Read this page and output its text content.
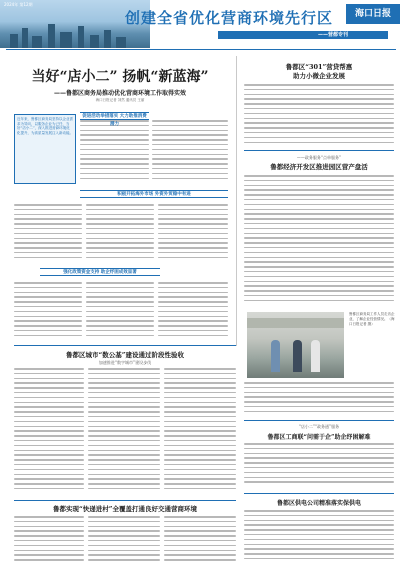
2024年 第12期
创建全省优化营商环境先行区
——营都专刊
海口日报
当好“店小二” 扬帆“新蓝海”
——鲁都区商务局推动优化营商环境工作取得实效
海口日报记者 刘然 通讯员 王丽

近年来，鲁都区商务局坚持以企业需求为导向，以服务企业为己任，当好“店小二”，深入推进营商环境优化提升，为高质量发展注入新动能。

促进活动举措落实 大力助推消费潜力
积极开拓海外市场 外资外贸稳中有进
强化政策资金支持 助企纾困成效显著
鲁都区“301”营贷帮惠
助力小微企业发展
——政务服务“点单服务”
鲁都经济开发区推进园区营产盘活
鲁都区商务局工作人员走访企业，了解企业经营情况。（海口日报记者 摄）
“店小二”“政务通”服务
鲁都区工商联“问需于企”助企纾困解难
鲁都区城市“数公基”建设通过阶段性验收
加速推进“数字城市”建设步伐
鲁都实现“快递进村”全覆盖打通良好交通营商环境
鲁都区供电公司精准落实保供电
